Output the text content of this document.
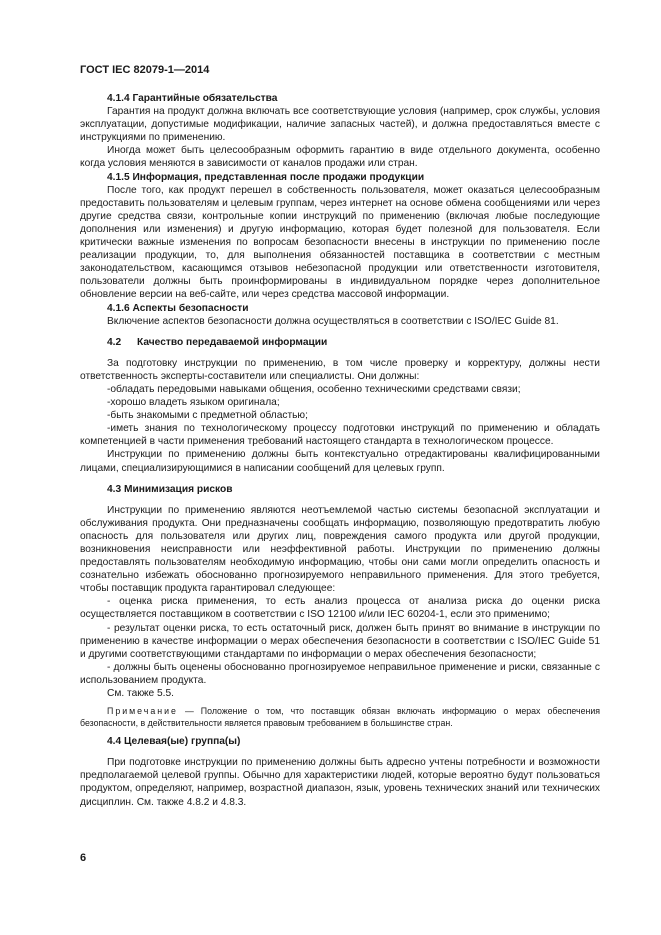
ГОСТ IEC 82079-1—2014

4.1.4 Гарантийные обязательства

Гарантия на продукт должна включать все соответствующие условия (например, срок службы, условия эксплуатации, допустимые модификации, наличие запасных частей), и должна предоставляться вместе с инструкциями по применению.

Иногда может быть целесообразным оформить гарантию в виде отдельного документа, особенно когда условия меняются в зависимости от каналов продажи или стран.

4.1.5 Информация, представленная после продажи продукции

После того, как продукт перешел в собственность пользователя, может оказаться целесообразным предоставить пользователям и целевым группам, через интернет на основе обмена сообщениями или через другие средства связи, контрольные копии инструкций по применению (включая любые последующие дополнения или изменения) и другую информацию, которая будет полезной для пользователя. Если критически важные изменения по вопросам безопасности внесены в инструкции по применению после реализации продукции, то, для выполнения обязанностей поставщика в соответствии с местным законодательством, касающимся отзывов небезопасной продукции или ответственности изготовителя, пользователи должны быть проинформированы в индивидуальном порядке через дополнительное обновление версии на веб-сайте, или через средства массовой информации.

4.1.6 Аспекты безопасности

Включение аспектов безопасности должна осуществляться в соответствии с ISO/IEC Guide 81.

4.2 Качество передаваемой информации

За подготовку инструкции по применению, в том числе проверку и корректуру, должны нести ответственность эксперты-составители или специалисты. Они должны:

-обладать передовыми навыками общения, особенно техническими средствами связи;

-хорошо владеть языком оригинала;

-быть знакомыми с предметной областью;

-иметь знания по технологическому процессу подготовки инструкций по применению и обладать компетенцией в части применения требований настоящего стандарта в технологическом процессе.

Инструкции по применению должны быть контекстуально отредактированы квалифицированными лицами, специализирующимися в написании сообщений для целевых групп.

4.3 Минимизация рисков

Инструкции по применению являются неотъемлемой частью системы безопасной эксплуатации и обслуживания продукта. Они предназначены сообщать информацию, позволяющую предотвратить любую опасность для пользователя или других лиц, повреждения самого продукта или другой продукции, возникновения неисправности или неэффективной работы. Инструкции по применению должны предоставлять пользователям необходимую информацию, чтобы они сами могли определить опасность и сознательно избежать обоснованно прогнозируемого неправильного применения. Для этого требуется, чтобы поставщик продукта гарантировал следующее:

- оценка риска применения, то есть анализ процесса от анализа риска до оценки риска осуществляется поставщиком в соответствии с ISO 12100 и/или IEC 60204-1, если это применимо;

- результат оценки риска, то есть остаточный риск, должен быть принят во внимание в инструкции по применению в качестве информации о мерах обеспечения безопасности в соответствии с ISO/IEC Guide 51 и другими соответствующими стандартами по информации о мерах обеспечения безопасности;

- должны быть оценены обоснованно прогнозируемое неправильное применение и риски, связанные с использованием продукта.

См. также 5.5.

Примечание — Положение о том, что поставщик обязан включать информацию о мерах обеспечения безопасности, в действительности является правовым требованием в большинстве стран.

4.4 Целевая(ые) группа(ы)

При подготовке инструкции по применению должны быть адресно учтены потребности и возможности предполагаемой целевой группы. Обычно для характеристики людей, которые вероятно будут пользоваться продуктом, определяют, например, возрастной диапазон, язык, уровень технических знаний или технических дисциплин. См. также 4.8.2 и 4.8.3.

6
